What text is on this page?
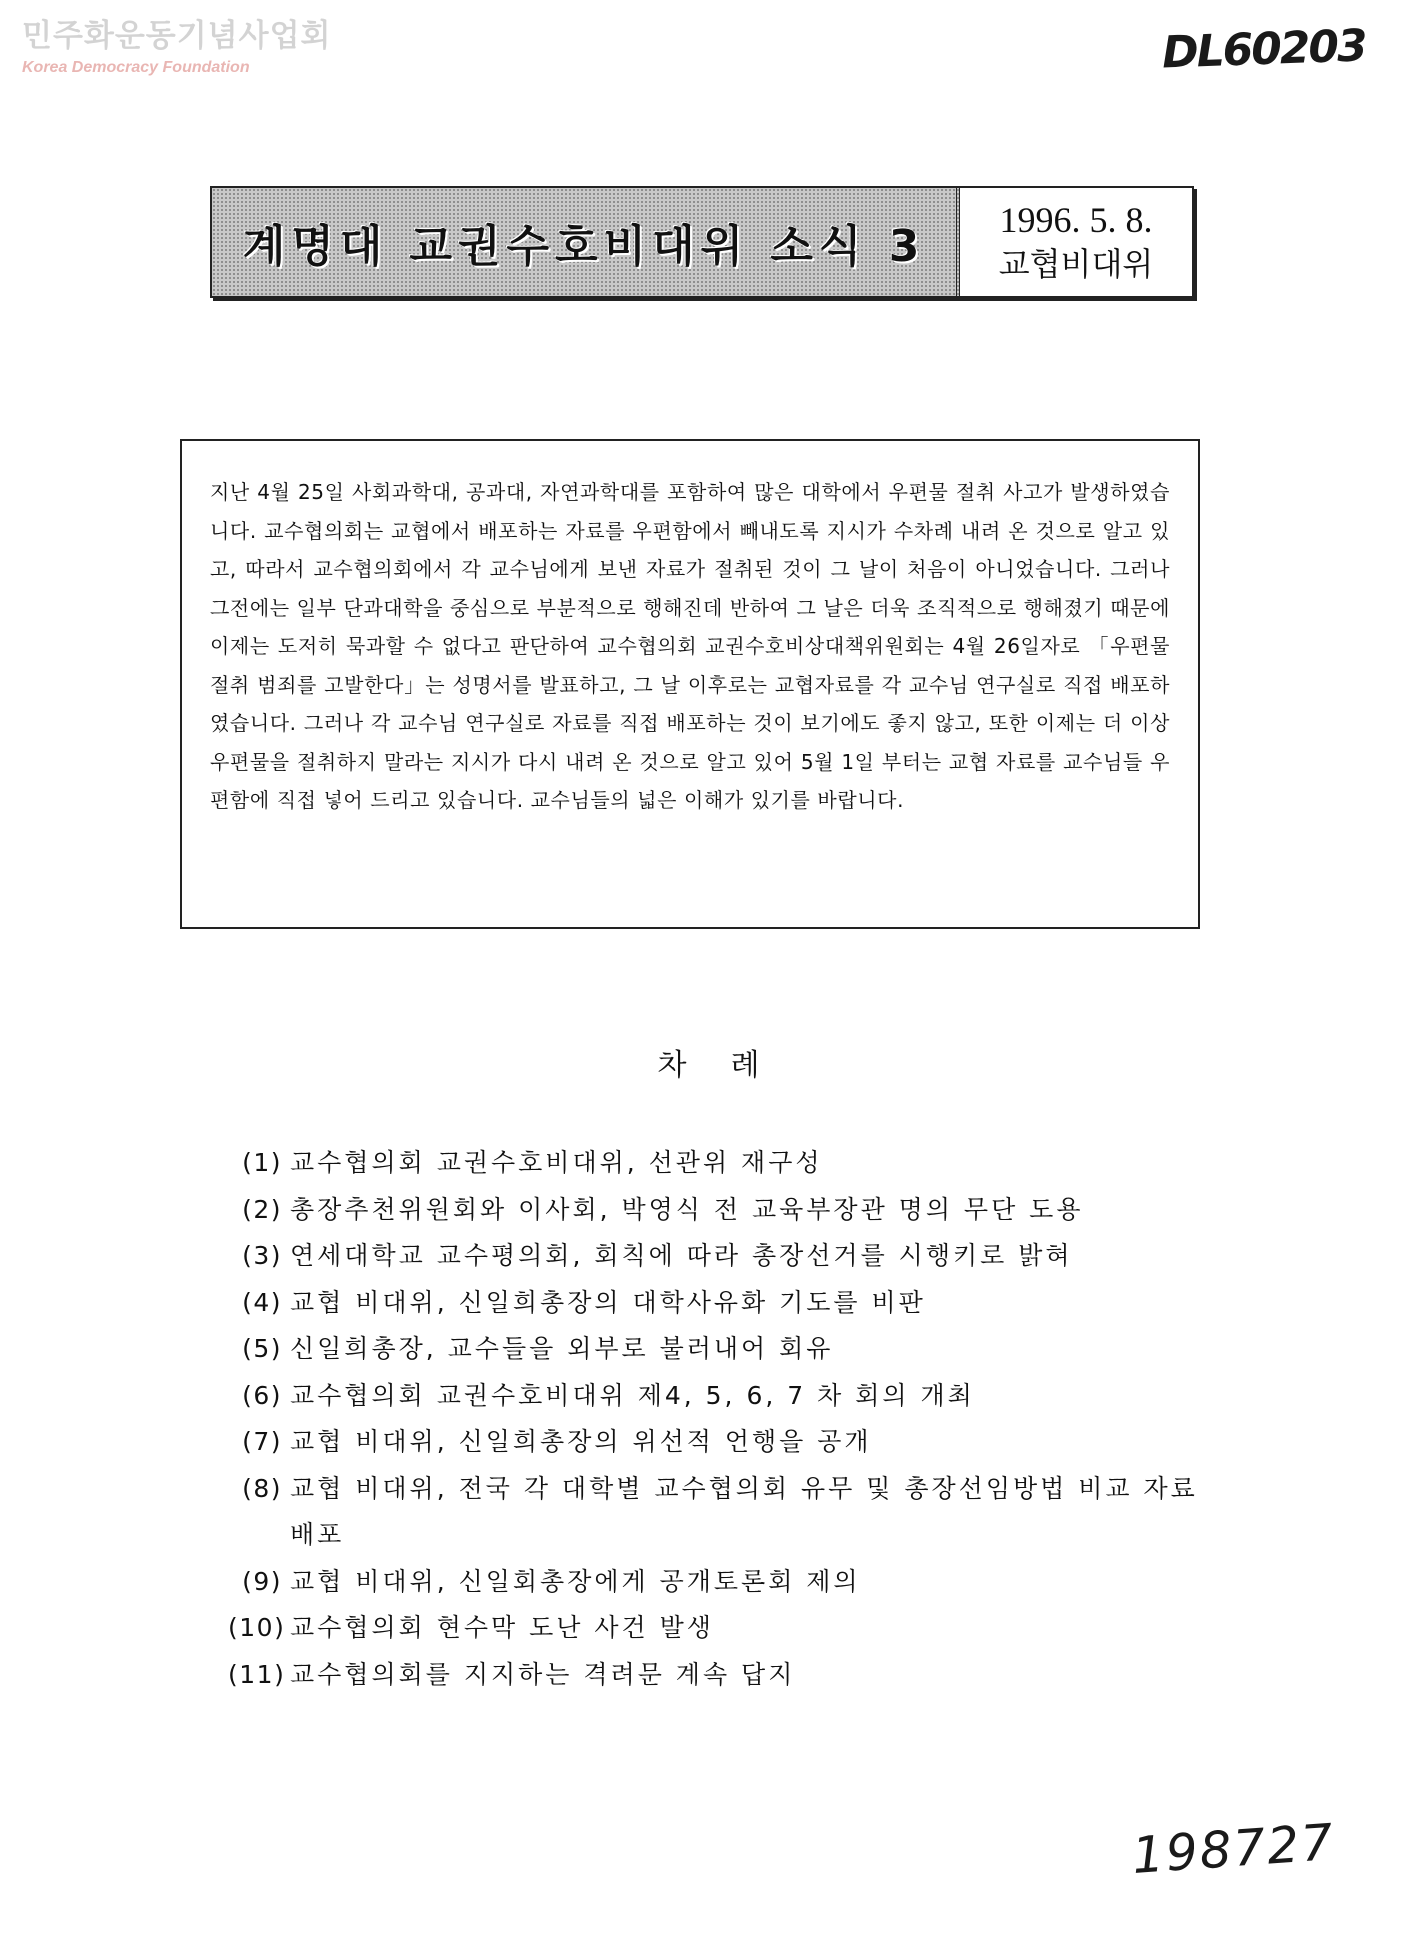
민주화운동기념사업회
Korea Democracy Foundation	DL60203
계명대 교권수호비대위 소식 3
1996. 5. 8.
교협비대위

지난 4월 25일 사회과학대, 공과대, 자연과학대를 포함하여 많은 대학에서 우편물 절취 사고가 발생하였습니다. 교수협의회는 교협에서 배포하는 자료를 우편함에서 빼내도록 지시가 수차례 내려 온 것으로 알고 있고, 따라서 교수협의회에서 각 교수님에게 보낸 자료가 절취된 것이 그 날이 처음이 아니었습니다. 그러나 그전에는 일부 단과대학을 중심으로 부분적으로 행해진데 반하여 그 날은 더욱 조직적으로 행해졌기 때문에 이제는 도저히 묵과할 수 없다고 판단하여 교수협의회 교권수호비상대책위원회는 4월 26일자로 「우편물 절취 범죄를 고발한다」는 성명서를 발표하고, 그 날 이후로는 교협자료를 각 교수님 연구실로 직접 배포하였습니다. 그러나 각 교수님 연구실로 자료를 직접 배포하는 것이 보기에도 좋지 않고, 또한 이제는 더 이상 우편물을 절취하지 말라는 지시가 다시 내려 온 것으로 알고 있어 5월 1일 부터는 교협 자료를 교수님들 우편함에 직접 넣어 드리고 있습니다. 교수님들의 넓은 이해가 있기를 바랍니다.

차례
(1) 교수협의회 교권수호비대위, 선관위 재구성
(2) 총장추천위원회와 이사회, 박영식 전 교육부장관 명의 무단 도용
(3) 연세대학교 교수평의회, 회칙에 따라 총장선거를 시행키로 밝혀
(4) 교협 비대위, 신일희총장의 대학사유화 기도를 비판
(5) 신일희총장, 교수들을 외부로 불러내어 회유
(6) 교수협의회 교권수호비대위 제4, 5, 6, 7 차 회의 개최
(7) 교협 비대위, 신일희총장의 위선적 언행을 공개
(8) 교협 비대위, 전국 각 대학별 교수협의회 유무 및 총장선임방법 비교 자료 배포
(9) 교협 비대위, 신일회총장에게 공개토론회 제의
(10) 교수협의회 현수막 도난 사건 발생
(11) 교수협의회를 지지하는 격려문 계속 답지
198727
